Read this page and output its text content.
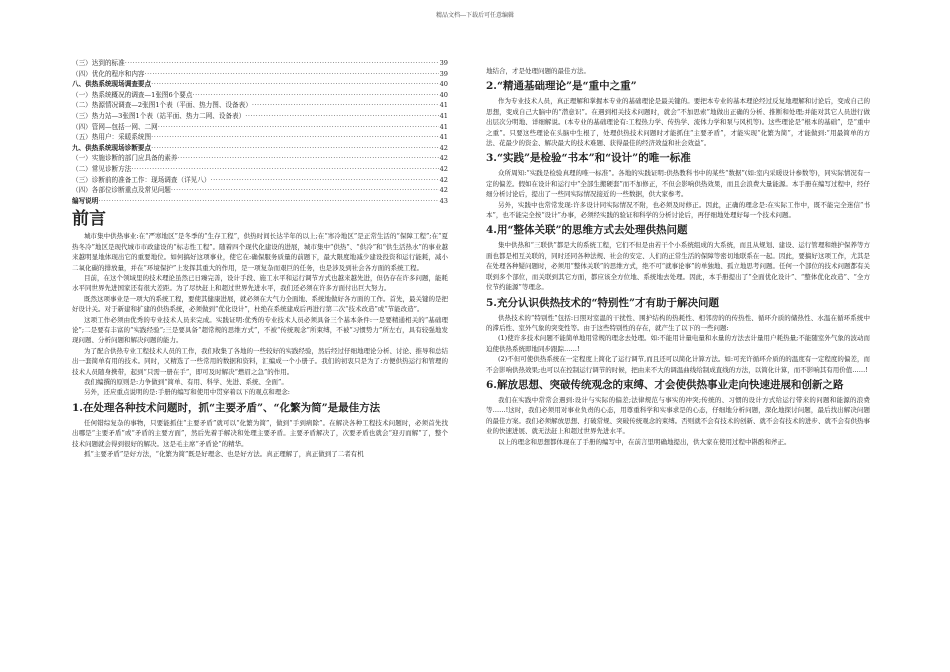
精品文档---下载后可任意编辑
（三）达到的标准 ·····	39
（四）优化的程序和内容 ·····	39
八、供热系统现场调查要点 ·····	40
（一）热系统概况的调查—1张图6个要点 ·····	40
（二）热源情况调查—2张图1个表（平面、热力图、设备表） ·····	41
（三）热力站—3张图1个表（站平面、热力二网、设备表） ·····	41
（四）管网—包括一网、二网 ·····	41
（五）热用户：采暖系统图 ·····	41
九、供热系统现场诊断要点 ·····	42
（一）实施诊断的部门应具备的素养 ·····	42
（二）常见诊断方法 ·····	42
（三）诊断前的准备工作：现场调查（详见八） ·····	42
（四）各部位诊断重点及常见问题 ·····	42
编写说明 ·····	43
前言

城市集中供热事业:在“严寒地区”是冬季的“生存工程”，供热时间长达半年的以上;在“寒冷地区”是正常生活的“保障工程”;在“夏热冬冷”地区是现代城市市政建设的“标志性工程”。随着四个现代化建设的进展，城市集中“供热”、“供冷”和“供生活热水”的事业越来越明显地体现出它的重要地位。如何搞好这项事业，使它在:确保服务质量的前题下，最大限度地减少建设投资和运行能耗，减小二氧化碳的排放量，并在“环境保护”上发挥其重大的作用，是一项复杂而艰巨的任务，也是涉及到社会各方面的系统工程。

目前，在这个领域里的技术理论虽然已日臻完善，设计手段、施工水平和运行调节方式也越来越先进，但仍存在许多问题，能耗水平同世界先进国家还有很大差距。为了尽快赶上和超过世界先进水平，我们还必须在许多方面付出巨大努力。

既然这项事业是一项大的系统工程，要使其健康进展，就必须在大气力全面地、系统地做好各方面的工作。首先，最关键的是把好设计关。对于新建和扩建的供热系统，必须做到“优化设计”，杜绝在系统建成后再进行第二次“技术改造”或“节能改造”。

这项工作必须由优秀的专业技术人员来完成。实践证明:优秀的专业技术人员必须具备三个基本条件:一是要精通相关的“基础理论”;二是要有丰富的“实践经验”;三是要具备“超常规的思维方式”，不被“传统观念”所束缚，不被“习惯势力”所左右，具有较强地发现问题、分析问题和解决问题的能力。

为了配合供热专业工程技术人员的工作，我们收集了各地的一些较好的实践经验，然后经过仔细地理论分析、讨论、推导和总结出一套简单有用的技术。同时，又精选了一些常用的数据和资料，汇编成一个小册子。我们的初衷只是为了:方便供热运行和管理的技术人员随身携带，起到“只需一册在手”，即可及时解决“燃眉之急”的作用。

我们编撰的原则是:力争做到“简单、有用、科学、先进、系统、全面”。

另外，还应重点说明的是:手册的编写和使用中贯穿着以下的观点和理念:

1.在处理各种技术问题时，抓“主要矛盾”、“化繁为简”是最佳方法

任何错综复杂的事物，只要能抓住“主要矛盾”就可以“化繁为简”，做到“手到病除”。在解决各种工程技术问题时，必须首先找出哪是“主要矛盾”或“矛盾的主要方面”，然后先着手解决和处理主要矛盾。主要矛盾解决了，次要矛盾也就会“迎刃而解”了，整个技术问题就会得到很好的解决。这是毛主席“矛盾论”的精华。

抓“主要矛盾”是好方法，“化繁为简”既是好理念、也是好方法。真正理解了，真正做到了二者有机

地结合，才是处理问题的最佳方法。

2.“精通基础理论”是“重中之重”

作为专业技术人员，真正理解和掌握本专业的基础理论是最关键的。要把本专业的基本理论经过反复地理解和讨论后，变成自己的思想，变成自己大脑中的“潜意识”。在遇到相关技术问题时，就会“不加思索”地做出正确的分析、推断和处理;并能对其它人员进行做出层次分明地、详细解说。(本专业的基础理论有:工程热力学、传热学、流体力学和泵与风机等)。这些理论是“根本的基础”，是“重中之重”。只要这些理论在头脑中生根了，处理供热技术问题时才能抓住“主要矛盾”，才能实现“化繁为简”，才能做到:“用最简单的方法、花最少的资金、解决最大的技术难题、获得最佳的经济效益和社会效益”。

3.“实践”是检验“书本”和“设计”的唯一标准

众所周知:“实践是检验真理的唯一标准”。各地的实践证明:供热教科书中的某些“数据”(如:室内采暖设计参数等)，同实际情况有一定的偏差。假如在设计和运行中“全部生搬硬套”而不加修正，不但会影响供热效果，而且会浪费大量能源。本手册在编写过程中，经仔细分析讨论后，提出了一些同实际情况接近的一些数据，供大家参考。

另外，实践中也常常发现:许多设计同实际情况不附，也必须及时修正。因此，正确的理念是:在实际工作中，既不能完全迷信“书本”，也不能完全按“设计”办事，必须经实践的验证和科学的分析讨论后，再仔细地处理好每一个技术问题。

4.用“整体关联”的思维方式去处理供热问题

集中供热和“三联供”都是大的系统工程，它们不但是由若干个小系统组成的大系统，而且从规划、建设、运行管理和维护保养等方面也都是相互关联的，同时还同各种法规、社会的安定、人们的正常生活的保障等密切地联系在一起。因此，要搞好这项工作，尤其是在处理各种疑问题时，必须用“整体关联”的思维方式，绝不可“就事论事”的单独地、孤立地思考问题。任何一个部位的技术问题都有关联到多个部位，而关联到其它方面，都应该全方位地、系统地去处理。因此，本手册提出了“全面优化设计”、“整体优化改造”、“全方位节约能源”等理念。

5.充分认识供热技术的“特别性”才有助于解决问题

供热技术的“特别性”包括:日照对室温的干扰性、围护结构的热耗性、相邻房的的传热性、循环介质的储热性、水温在循环系统中的滞后性、室外气象的突变性等。由于这些特别性的存在，就产生了以下的一些问题:

(1)使许多技术问题不能简单地用常规的理念去处理。如:不能用计量电量和水量的方法去计量用户耗热量;不能随室外气象的波动而迫使供热系统即地同步跟踪……!

(2)不但可使供热系统在一定程度上简化了运行调节,而且还可以简化计算方法。如:可充许循环介质的的温度有一定程度的偏差，而不会影响供热效果;也可以在控制运行调节的时候，把由来不大的调温曲线给制成直线的方法，以简化计算，而不影响其有用价值……!

6.解放思想、突破传统观念的束缚、才会使供热事业走向快速进展和创新之路

我们在实践中常常会遇到:设计与实际的偏差;法律规范与事实的冲突;传统的、习惯的设计方式给运行带来的问题和能源的浪费等……!这时，我们必须用对事业负责的心态，用尊重科学和实事求是的心态，仔细地分析问题，深化地探讨问题，最后找出解决问题的最佳方案。我们必须解放思想、打破常规、突破传统观念的束缚。否则就不会有技术的创新、就不会有技术的进步、就不会有供热事业的快速进展、就无法赶上和超过世界先进水平。

以上的理念和思想都体现在了手册的编写中，在前言里明确地提出，供大家在使用过程中斟酌和斧正。
